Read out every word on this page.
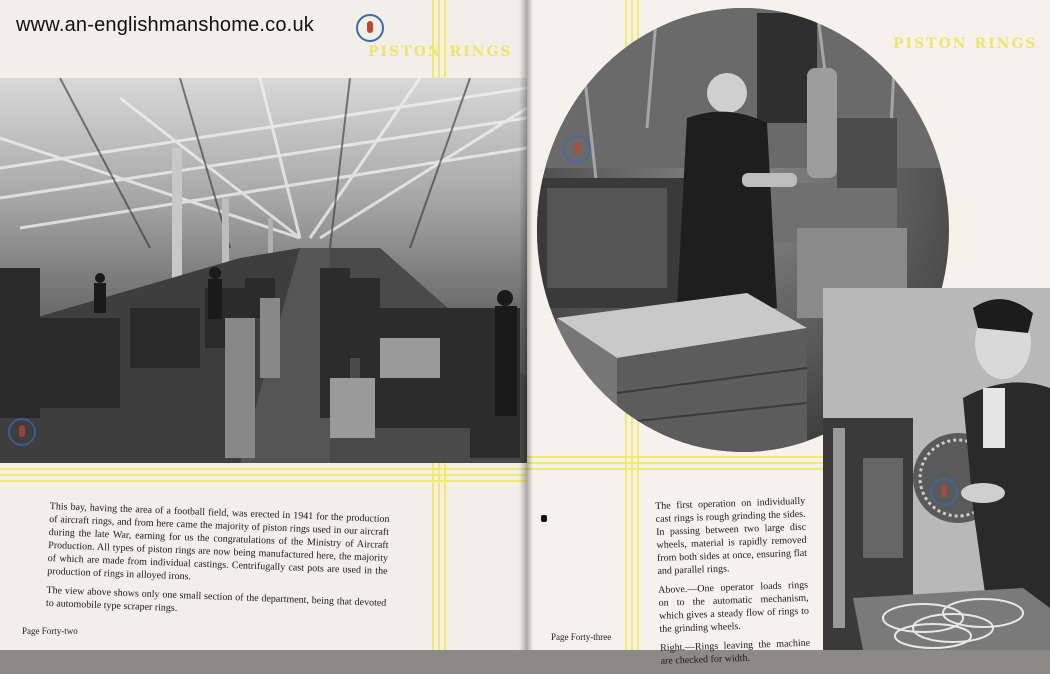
PISTON RINGS

This bay, having the area of a football field, was erected in 1941 for the production of aircraft rings, and from here came the majority of piston rings used in our aircraft during the late War, earning for us the congratulations of the Ministry of Aircraft Production. All types of piston rings are now being manufactured here, the majority of which are made from individual castings. Centrifugally cast pots are used in the production of rings in alloyed irons.

The view above shows only one small section of the department, being that devoted to automobile type scraper rings.

Page Forty-two
PISTON RINGS
Page Forty-three

The first operation on individually cast rings is rough grinding the sides. In passing between two large disc wheels, material is rapidly removed from both sides at once, ensuring flat and parallel rings.

Above.—One operator loads rings on to the automatic mechanism, which gives a steady flow of rings to the grinding wheels.

Right.—Rings leaving the machine are checked for width.

www.an-englishmanshome.co.uk
